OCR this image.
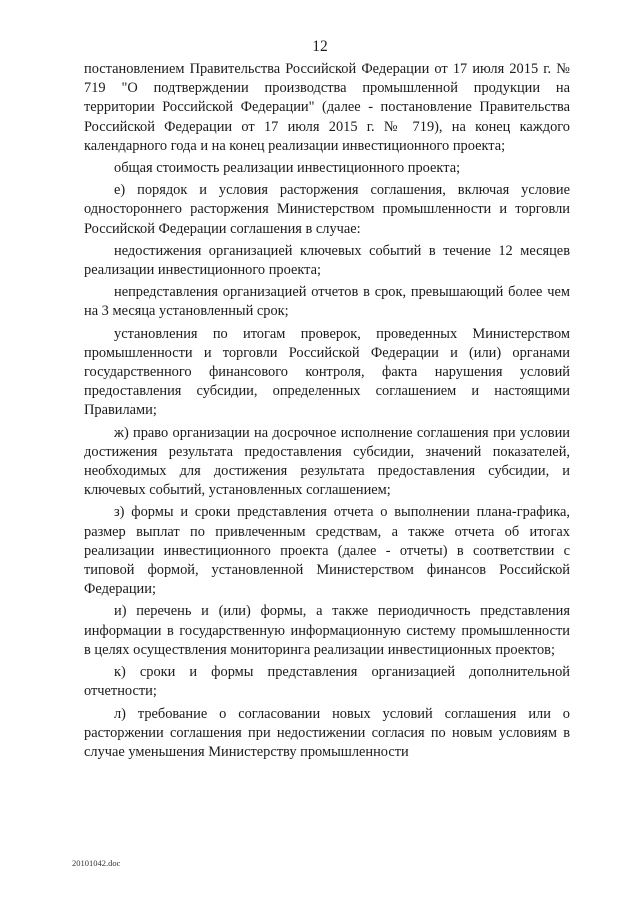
12

постановлением Правительства Российской Федерации от 17 июля 2015 г. № 719 "О подтверждении производства промышленной продукции на территории Российской Федерации" (далее - постановление Правительства Российской Федерации от 17 июля 2015 г. № 719), на конец каждого календарного года и на конец реализации инвестиционного проекта;

общая стоимость реализации инвестиционного проекта;

е) порядок и условия расторжения соглашения, включая условие одностороннего расторжения Министерством промышленности и торговли Российской Федерации соглашения в случае:

недостижения организацией ключевых событий в течение 12 месяцев реализации инвестиционного проекта;

непредставления организацией отчетов в срок, превышающий более чем на 3 месяца установленный срок;

установления по итогам проверок, проведенных Министерством промышленности и торговли Российской Федерации и (или) органами государственного финансового контроля, факта нарушения условий предоставления субсидии, определенных соглашением и настоящими Правилами;

ж) право организации на досрочное исполнение соглашения при условии достижения результата предоставления субсидии, значений показателей, необходимых для достижения результата предоставления субсидии, и ключевых событий, установленных соглашением;

з) формы и сроки представления отчета о выполнении плана-графика, размер выплат по привлеченным средствам, а также отчета об итогах реализации инвестиционного проекта (далее - отчеты) в соответствии с типовой формой, установленной Министерством финансов Российской Федерации;

и) перечень и (или) формы, а также периодичность представления информации в государственную информационную систему промышленности в целях осуществления мониторинга реализации инвестиционных проектов;

к) сроки и формы представления организацией дополнительной отчетности;

л) требование о согласовании новых условий соглашения или о расторжении соглашения при недостижении согласия по новым условиям в случае уменьшения Министерству промышленности

20101042.doc
